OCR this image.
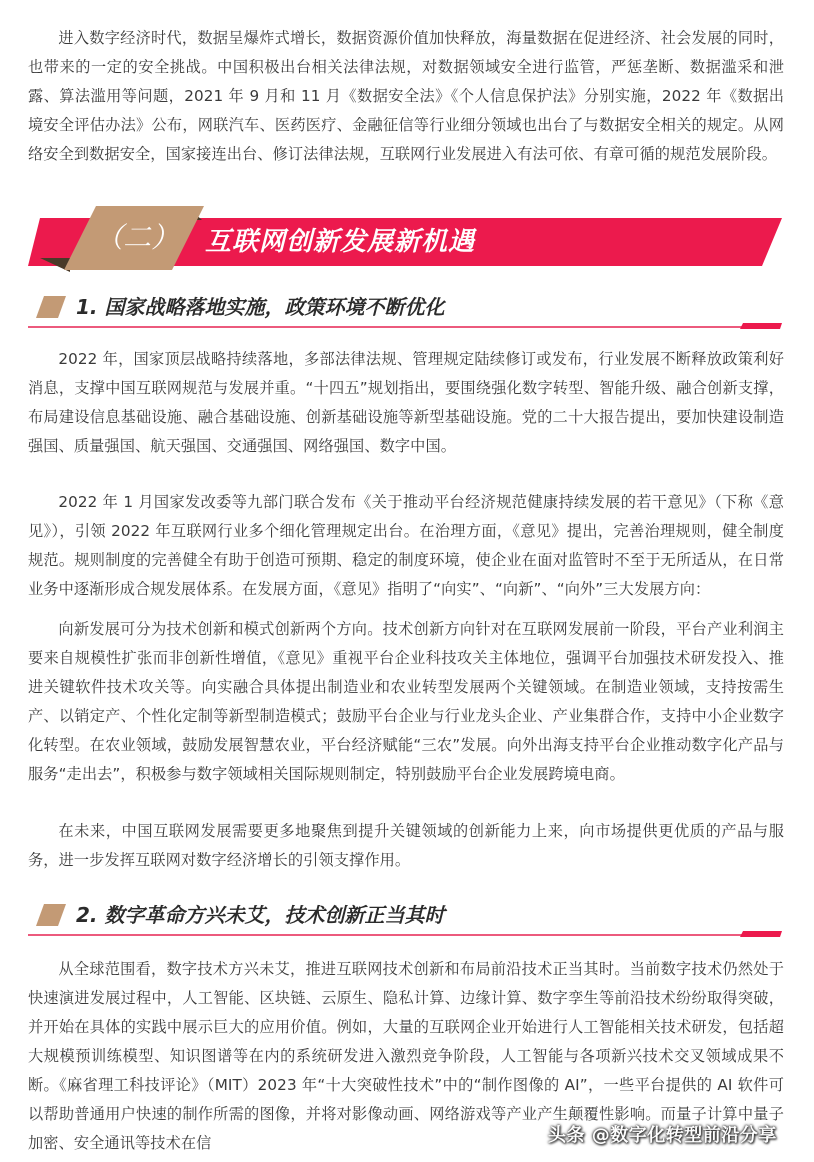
进入数字经济时代，数据呈爆炸式增长，数据资源价值加快释放，海量数据在促进经济、社会发展的同时，也带来的一定的安全挑战。中国积极出台相关法律法规，对数据领域安全进行监管，严惩垄断、数据滥采和泄露、算法滥用等问题，2021 年 9 月和 11 月《数据安全法》《个人信息保护法》分别实施，2022 年《数据出境安全评估办法》公布，网联汽车、医药医疗、金融征信等行业细分领域也出台了与数据安全相关的规定。从网络安全到数据安全，国家接连出台、修订法律法规，互联网行业发展进入有法可依、有章可循的规范发展阶段。

（二）	互联网创新发展新机遇
1. 国家战略落地实施，政策环境不断优化

2022 年，国家顶层战略持续落地，多部法律法规、管理规定陆续修订或发布，行业发展不断释放政策利好消息，支撑中国互联网规范与发展并重。“十四五”规划指出，要围绕强化数字转型、智能升级、融合创新支撑，布局建设信息基础设施、融合基础设施、创新基础设施等新型基础设施。党的二十大报告提出，要加快建设制造强国、质量强国、航天强国、交通强国、网络强国、数字中国。

2022 年 1 月国家发改委等九部门联合发布《关于推动平台经济规范健康持续发展的若干意见》（下称《意见》），引领 2022 年互联网行业多个细化管理规定出台。在治理方面，《意见》提出，完善治理规则，健全制度规范。规则制度的完善健全有助于创造可预期、稳定的制度环境，使企业在面对监管时不至于无所适从，在日常业务中逐渐形成合规发展体系。在发展方面，《意见》指明了“向实”、“向新”、“向外”三大发展方向：

向新发展可分为技术创新和模式创新两个方向。技术创新方向针对在互联网发展前一阶段，平台产业利润主要来自规模性扩张而非创新性增值，《意见》重视平台企业科技攻关主体地位，强调平台加强技术研发投入、推进关键软件技术攻关等。向实融合具体提出制造业和农业转型发展两个关键领域。在制造业领域，支持按需生产、以销定产、个性化定制等新型制造模式；鼓励平台企业与行业龙头企业、产业集群合作，支持中小企业数字化转型。在农业领域，鼓励发展智慧农业，平台经济赋能“三农”发展。向外出海支持平台企业推动数字化产品与服务“走出去”，积极参与数字领域相关国际规则制定，特别鼓励平台企业发展跨境电商。

在未来，中国互联网发展需要更多地聚焦到提升关键领域的创新能力上来，向市场提供更优质的产品与服务，进一步发挥互联网对数字经济增长的引领支撑作用。

2. 数字革命方兴未艾，技术创新正当其时

从全球范围看，数字技术方兴未艾，推进互联网技术创新和布局前沿技术正当其时。当前数字技术仍然处于快速演进发展过程中，人工智能、区块链、云原生、隐私计算、边缘计算、数字孪生等前沿技术纷纷取得突破，并开始在具体的实践中展示巨大的应用价值。例如，大量的互联网企业开始进行人工智能相关技术研发，包括超大规模预训练模型、知识图谱等在内的系统研发进入激烈竞争阶段，人工智能与各项新兴技术交叉领域成果不断。《麻省理工科技评论》（MIT）2023 年“十大突破性技术”中的“制作图像的 AI”，一些平台提供的 AI 软件可以帮助普通用户快速的制作所需的图像，并将对影像动画、网络游戏等产业产生颠覆性影响。而量子计算中量子加密、安全通讯等技术在信	头条 @数字化转型前沿分享
